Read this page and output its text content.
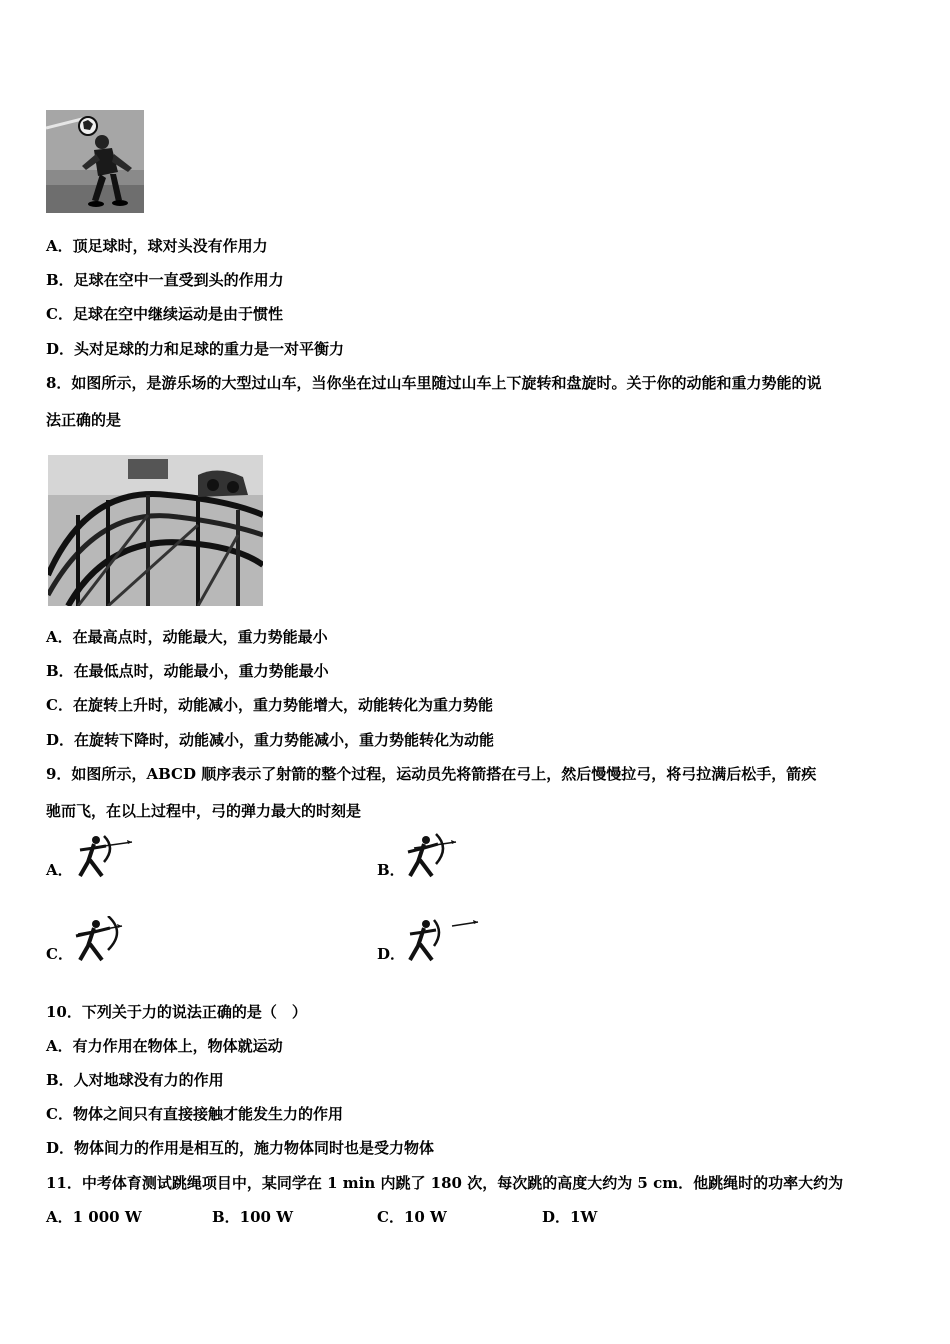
A．顶足球时，球对头没有作用力
B．足球在空中一直受到头的作用力
C．足球在空中继续运动是由于惯性
D．头对足球的力和足球的重力是一对平衡力
8．如图所示，是游乐场的大型过山车，当你坐在过山车里随过山车上下旋转和盘旋时。关于你的动能和重力势能的说
法正确的是
A．在最高点时，动能最大，重力势能最小
B．在最低点时，动能最小，重力势能最小
C．在旋转上升时，动能减小，重力势能增大，动能转化为重力势能
D．在旋转下降时，动能减小，重力势能减小，重力势能转化为动能
9．如图所示，ABCD 顺序表示了射箭的整个过程，运动员先将箭搭在弓上，然后慢慢拉弓，将弓拉满后松手，箭疾
驰而飞，在以上过程中，弓的弹力最大的时刻是
A．	B．
C．	D．
10．下列关于力的说法正确的是（　）
A．有力作用在物体上，物体就运动
B．人对地球没有力的作用
C．物体之间只有直接接触才能发生力的作用
D．物体间力的作用是相互的，施力物体同时也是受力物体
11．中考体育测试跳绳项目中，某同学在 1 min 内跳了 180 次，每次跳的高度大约为 5 cm．他跳绳时的功率大约为
A．1 000 W	B．100 W	C．10 W	D．1W
